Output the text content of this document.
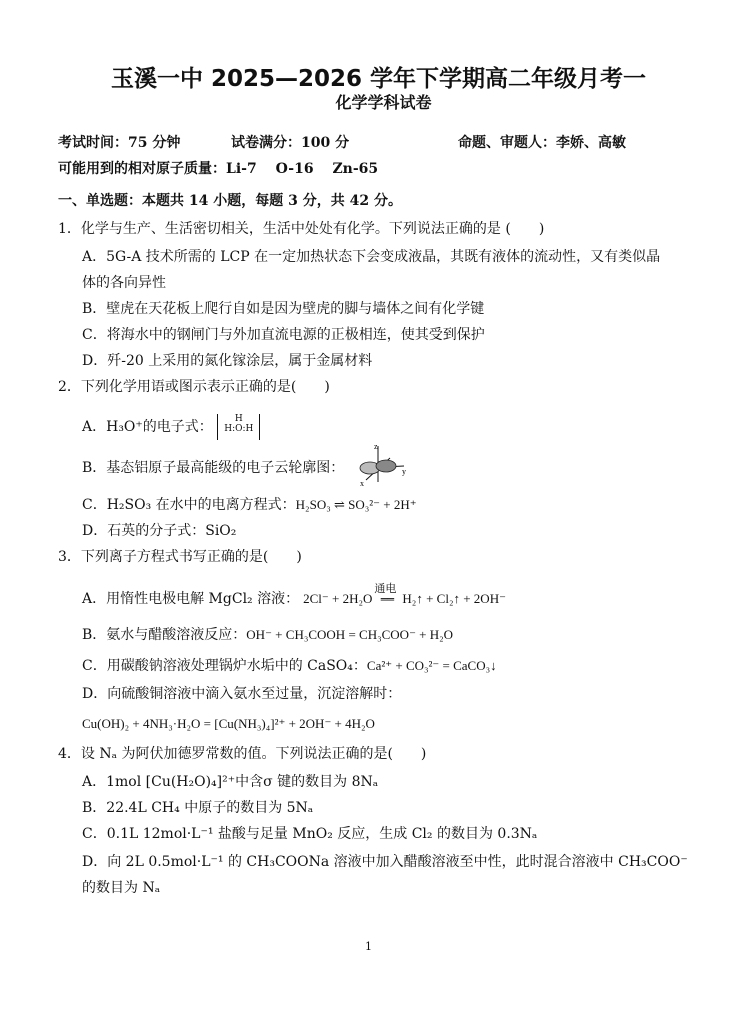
玉溪一中 2025—2026 学年下学期高二年级月考一
化学学科试卷
考试时间：75 分钟	试卷满分：100 分	命题、审题人：李娇、高敏
可能用到的相对原子质量：Li-7　 O-16　 Zn-65
一、单选题：本题共 14 小题，每题 3 分，共 42 分。
1．化学与生产、生活密切相关，生活中处处有化学。下列说法正确的是 (　　)
A．5G-A 技术所需的 LCP 在一定加热状态下会变成液晶，其既有液体的流动性，又有类似晶
体的各向异性
B．壁虎在天花板上爬行自如是因为壁虎的脚与墙体之间有化学键
C．将海水中的钢闸门与外加直流电源的正极相连，使其受到保护
D．歼-20 上采用的氮化镓涂层，属于金属材料
2．下列化学用语或图示表示正确的是(　　)
A．H₃O⁺的电子式：	H
H:O:H
B．基态铝原子最高能级的电子云轮廓图：
z
y
x
C．H₂SO₃ 在水中的电离方程式：H₂SO₃ ⇌ SO₃²⁻ + 2H⁺
D．石英的分子式：SiO₂
3．下列离子方程式书写正确的是(　　)
A．用惰性电极电解 MgCl₂ 溶液： 2Cl⁻ + 2H₂O
通电
══ H₂↑ + Cl₂↑ + 2OH⁻
B．氨水与醋酸溶液反应：OH⁻ + CH₃COOH = CH₃COO⁻ + H₂O
C．用碳酸钠溶液处理锅炉水垢中的 CaSO₄：Ca²⁺ + CO₃²⁻ = CaCO₃↓
D．向硫酸铜溶液中滴入氨水至过量，沉淀溶解时：
Cu(OH)₂ + 4NH₃·H₂O = [Cu(NH₃)₄]²⁺ + 2OH⁻ + 4H₂O
4．设 Nₐ 为阿伏加德罗常数的值。下列说法正确的是(　　)
A．1mol [Cu(H₂O)₄]²⁺中含σ 键的数目为 8Nₐ
B．22.4L CH₄ 中原子的数目为 5Nₐ
C．0.1L 12mol·L⁻¹ 盐酸与足量 MnO₂ 反应，生成 Cl₂ 的数目为 0.3Nₐ
D．向 2L 0.5mol·L⁻¹ 的 CH₃COONa 溶液中加入醋酸溶液至中性，此时混合溶液中 CH₃COO⁻
的数目为 Nₐ
1
